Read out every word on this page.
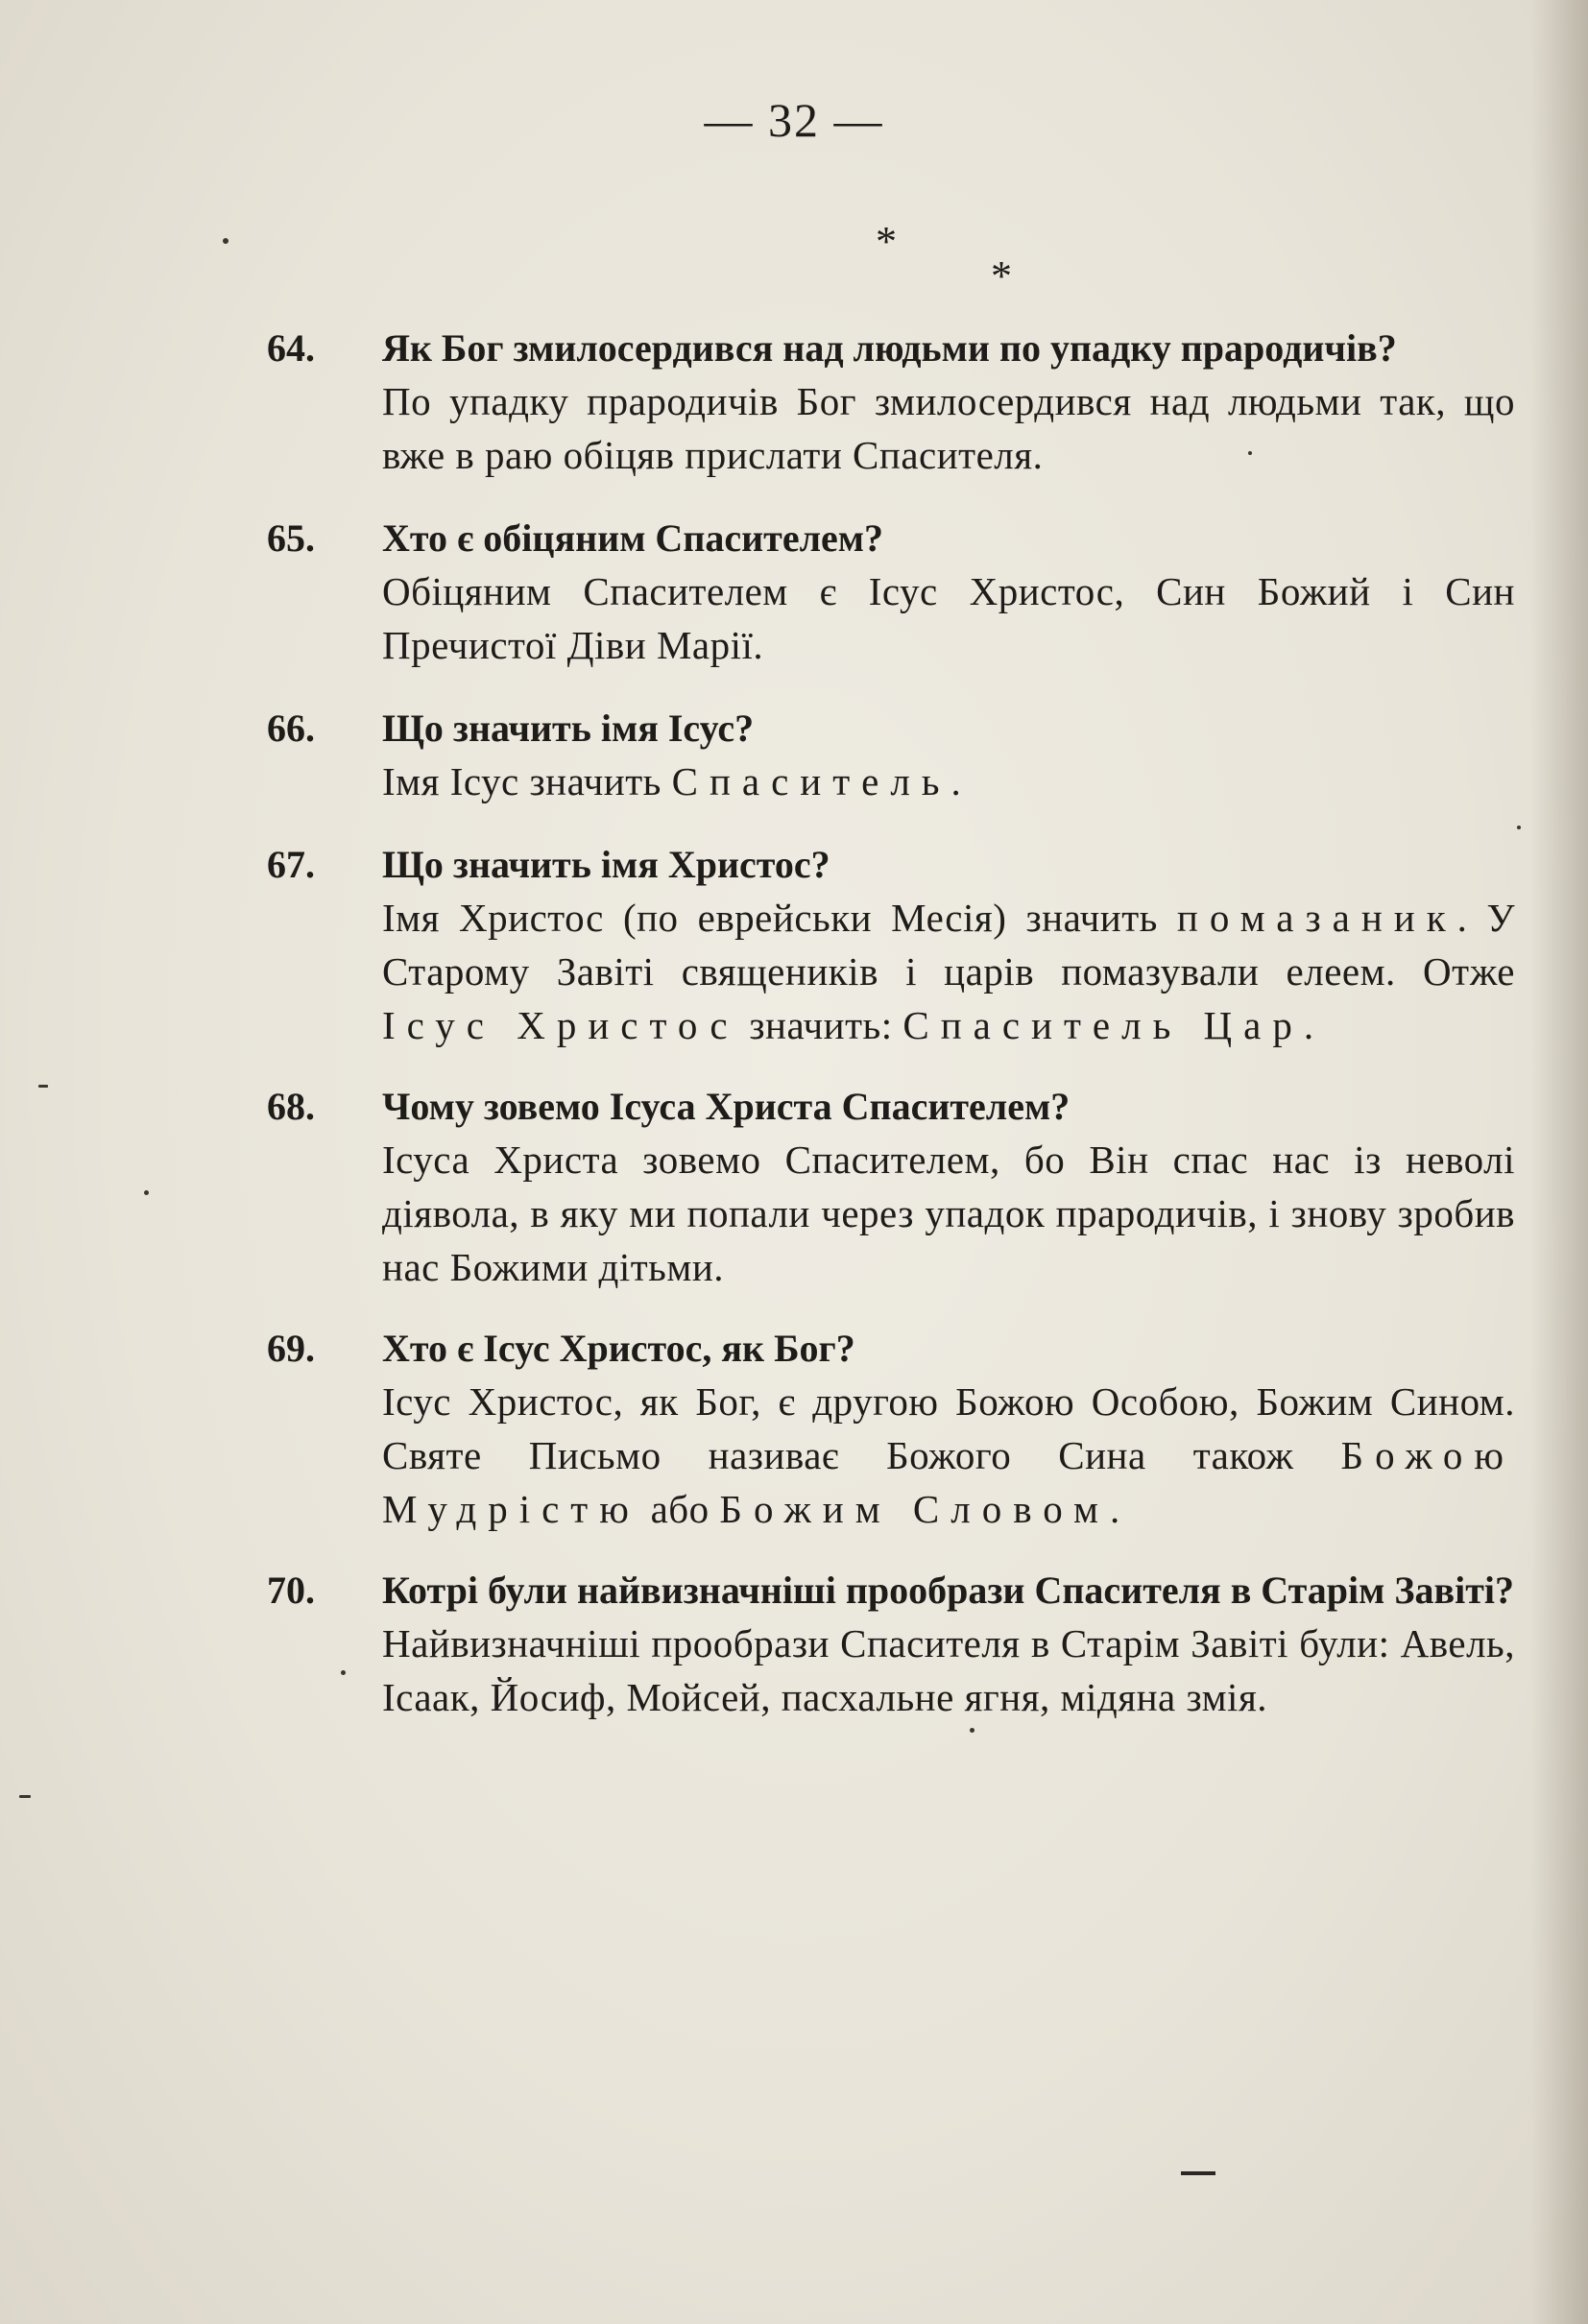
— 32 —
*
*
64. Як Бог змилосердився над людьми по упадку прародичів?
По упадку прародичів Бог змилосердився над людьми так, що вже в раю обіцяв прислати Спасителя.
65. Хто є обіцяним Спасителем?
Обіцяним Спасителем є Ісус Христос, Син Божий і Син Пречистої Діви Марії.
66. Що значить імя Ісус?
Імя Ісус значить Спаситель.
67. Що значить імя Христос?
Імя Христос (по еврейськи Месія) значить помазаник. У Старому Завіті священиків і царів помазували елеем. Отже Ісус Христос значить: Спаситель Цар.
68. Чому зовемо Ісуса Христа Спасителем?
Ісуса Христа зовемо Спасителем, бо Він спас нас із неволі діявола, в яку ми попали через упадок прародичів, і знову зробив нас Божими дітьми.
69. Хто є Ісус Христос, як Бог?
Ісус Христос, як Бог, є другою Божою Особою, Божим Сином. Святе Письмо називає Божого Сина також Божою Мудрістю або Божим Словом.
70. Котрі були найвизначніші прообрази Спасителя в Старім Завіті?
Найвизначніші прообрази Спасителя в Старім Завіті були: Авель, Ісаак, Йосиф, Мойсей, пасхальне ягня, мідяна змія.
